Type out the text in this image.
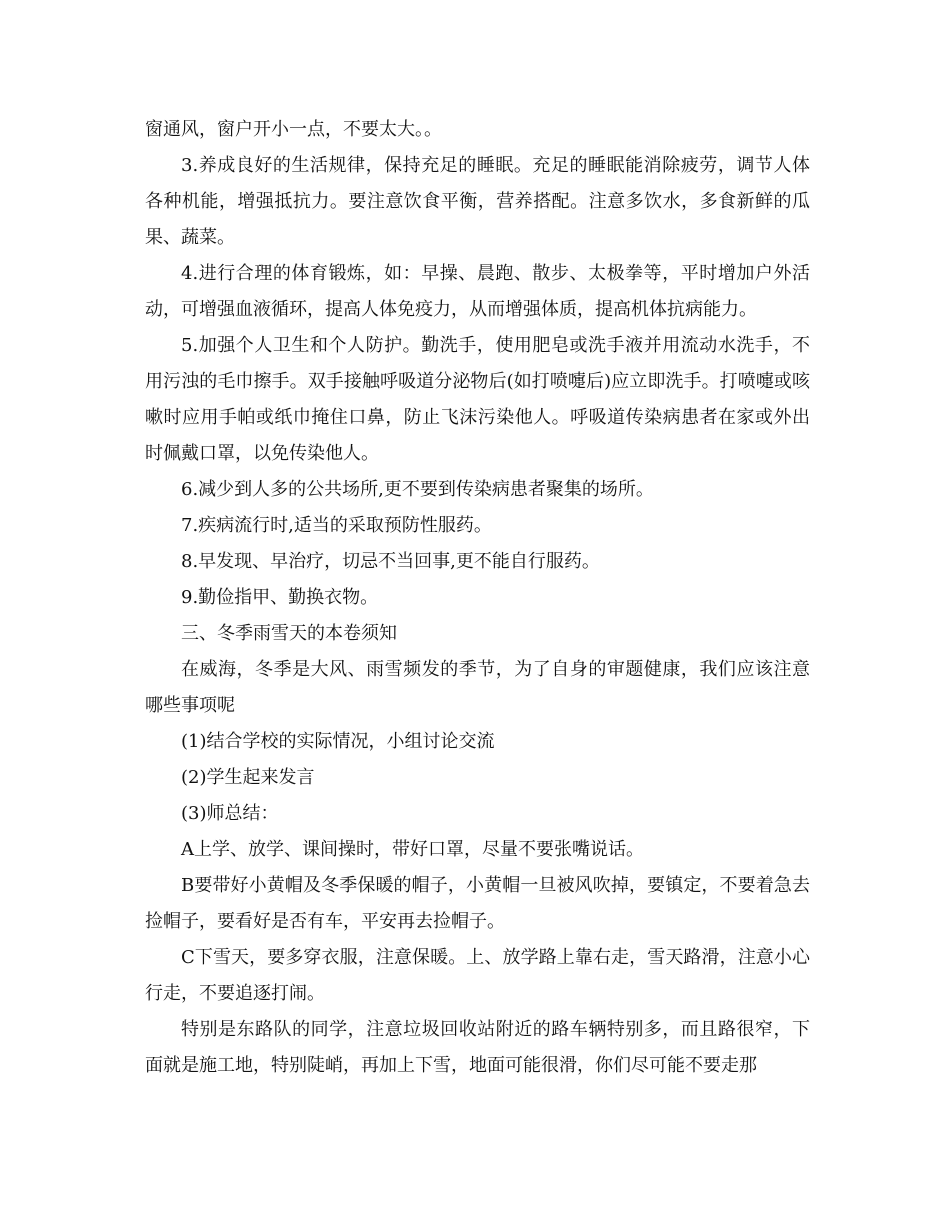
窗通风，窗户开小一点，不要太大。。

3.养成良好的生活规律，保持充足的睡眠。充足的睡眠能消除疲劳，调节人体各种机能，增强抵抗力。要注意饮食平衡，营养搭配。注意多饮水，多食新鲜的瓜果、蔬菜。

4.进行合理的体育锻炼，如：早操、晨跑、散步、太极拳等，平时增加户外活动，可增强血液循环，提高人体免疫力，从而增强体质，提高机体抗病能力。

5.加强个人卫生和个人防护。勤洗手，使用肥皂或洗手液并用流动水洗手，不用污浊的毛巾擦手。双手接触呼吸道分泌物后(如打喷嚏后)应立即洗手。打喷嚏或咳嗽时应用手帕或纸巾掩住口鼻，防止飞沫污染他人。呼吸道传染病患者在家或外出时佩戴口罩，以免传染他人。

6.减少到人多的公共场所,更不要到传染病患者聚集的场所。

7.疾病流行时,适当的采取预防性服药。

8.早发现、早治疗，切忌不当回事,更不能自行服药。

9.勤俭指甲、勤换衣物。

三、冬季雨雪天的本卷须知

在威海，冬季是大风、雨雪频发的季节，为了自身的审题健康，我们应该注意哪些事项呢

(1)结合学校的实际情况，小组讨论交流

(2)学生起来发言

(3)师总结：

A上学、放学、课间操时，带好口罩，尽量不要张嘴说话。

B要带好小黄帽及冬季保暖的帽子，小黄帽一旦被风吹掉，要镇定，不要着急去捡帽子，要看好是否有车，平安再去捡帽子。

C下雪天，要多穿衣服，注意保暖。上、放学路上靠右走，雪天路滑，注意小心行走，不要追逐打闹。

特别是东路队的同学，注意垃圾回收站附近的路车辆特别多，而且路很窄，下面就是施工地，特别陡峭，再加上下雪，地面可能很滑，你们尽可能不要走那
